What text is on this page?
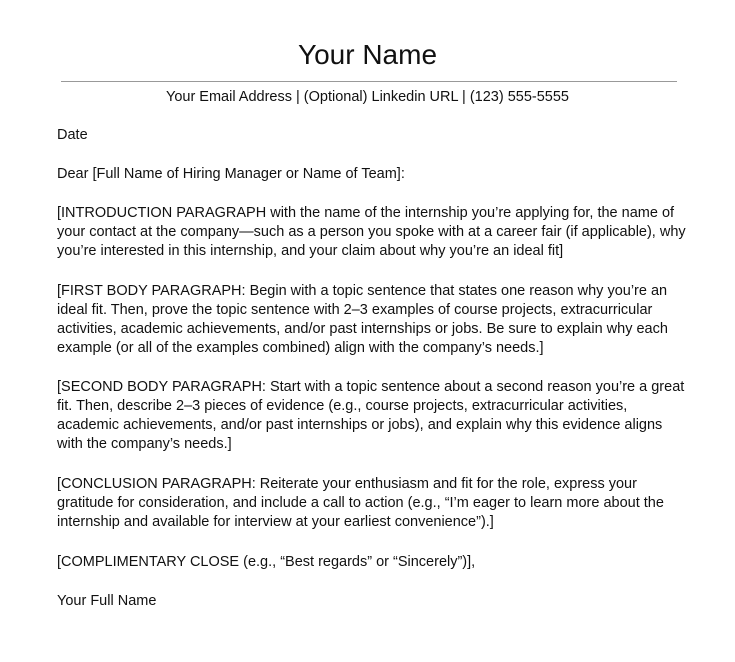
Your Name
Your Email Address | (Optional) Linkedin URL | (123) 555-5555
Date
Dear [Full Name of Hiring Manager or Name of Team]:

[INTRODUCTION PARAGRAPH with the name of the internship you’re applying for, the name of your contact at the company—such as a person you spoke with at a career fair (if applicable), why you’re interested in this internship, and your claim about why you’re an ideal fit]

[FIRST BODY PARAGRAPH: Begin with a topic sentence that states one reason why you’re an ideal fit. Then, prove the topic sentence with 2–3 examples of course projects, extracurricular activities, academic achievements, and/or past internships or jobs. Be sure to explain why each example (or all of the examples combined) align with the company’s needs.]

[SECOND BODY PARAGRAPH: Start with a topic sentence about a second reason you’re a great fit. Then, describe 2–3 pieces of evidence (e.g., course projects, extracurricular activities, academic achievements, and/or past internships or jobs), and explain why this evidence aligns with the company’s needs.]

[CONCLUSION PARAGRAPH: Reiterate your enthusiasm and fit for the role, express your gratitude for consideration, and include a call to action (e.g., “I’m eager to learn more about the internship and available for interview at your earliest convenience”).]

[COMPLIMENTARY CLOSE (e.g., “Best regards” or “Sincerely”)],
Your Full Name
